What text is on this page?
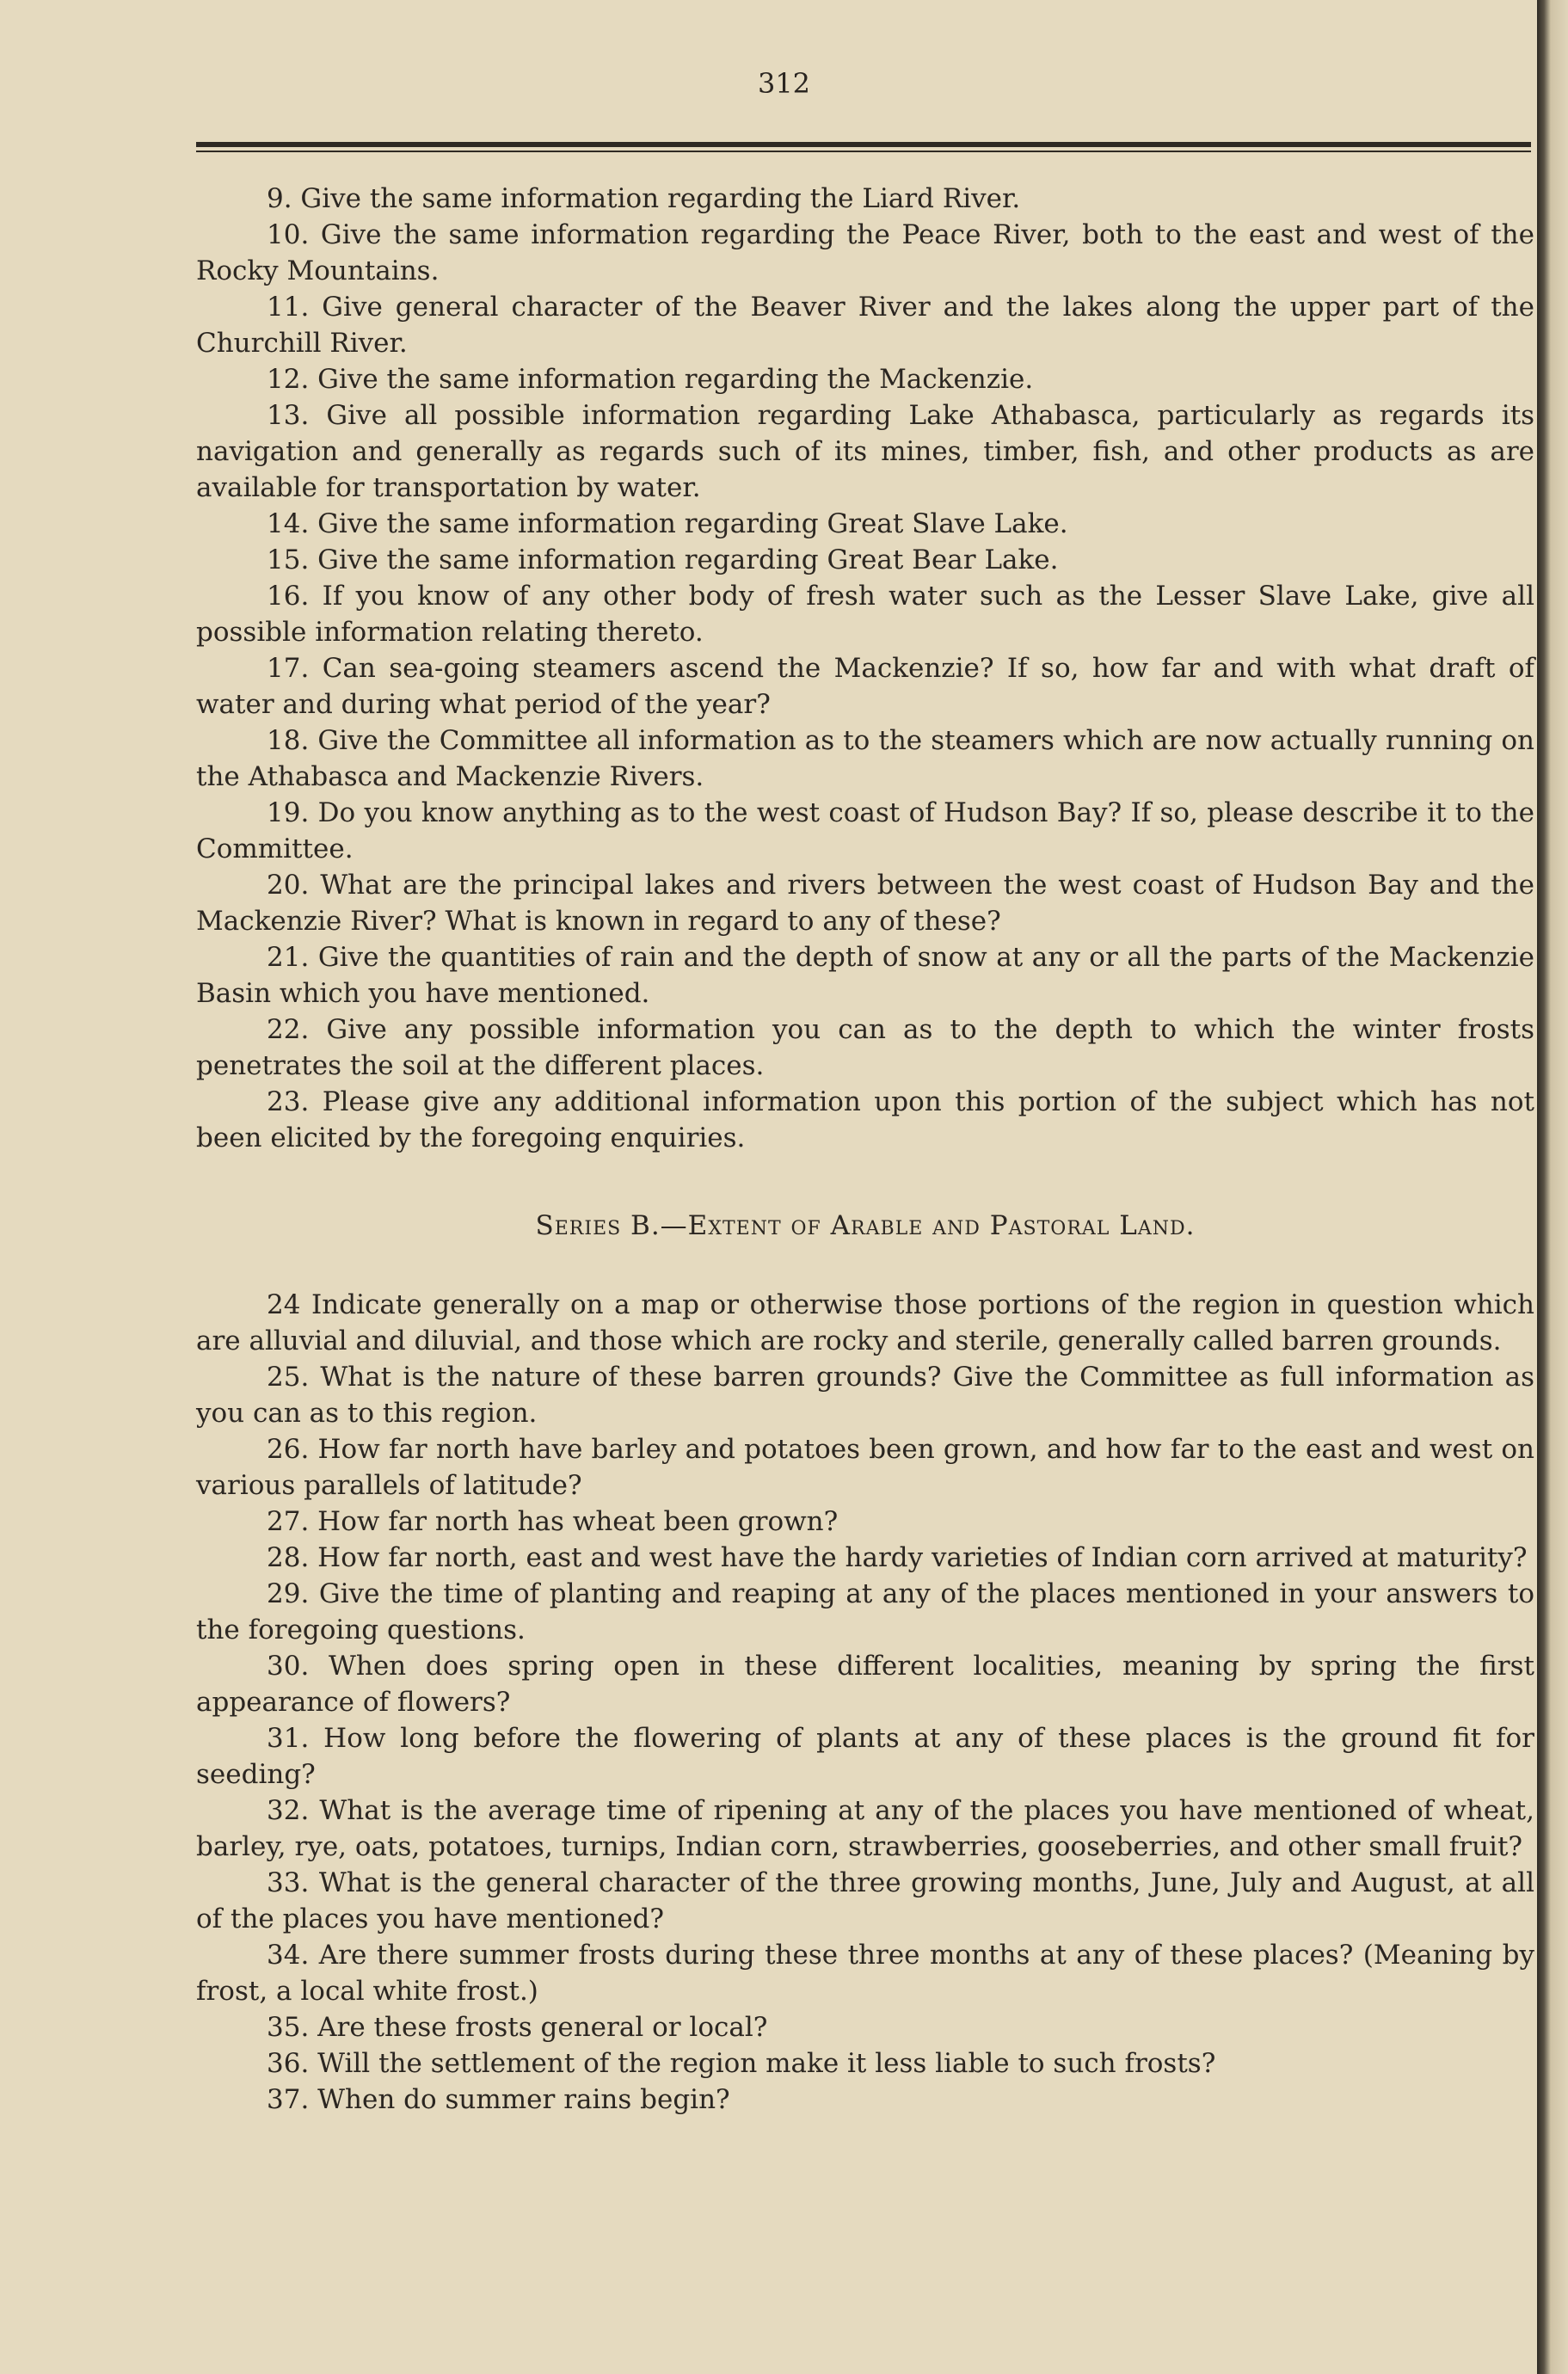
312

9. Give the same information regarding the Liard River.

10. Give the same information regarding the Peace River, both to the east and west of the Rocky Mountains.

11. Give general character of the Beaver River and the lakes along the upper part of the Churchill River.

12. Give the same information regarding the Mackenzie.

13. Give all possible information regarding Lake Athabasca, particularly as regards its navigation and generally as regards such of its mines, timber, fish, and other products as are available for transportation by water.

14. Give the same information regarding Great Slave Lake.

15. Give the same information regarding Great Bear Lake.

16. If you know of any other body of fresh water such as the Lesser Slave Lake, give all possible information relating thereto.

17. Can sea-going steamers ascend the Mackenzie? If so, how far and with what draft of water and during what period of the year?

18. Give the Committee all information as to the steamers which are now actually running on the Athabasca and Mackenzie Rivers.

19. Do you know anything as to the west coast of Hudson Bay? If so, please describe it to the Committee.

20. What are the principal lakes and rivers between the west coast of Hudson Bay and the Mackenzie River? What is known in regard to any of these?

21. Give the quantities of rain and the depth of snow at any or all the parts of the Mackenzie Basin which you have mentioned.

22. Give any possible information you can as to the depth to which the winter frosts penetrates the soil at the different places.

23. Please give any additional information upon this portion of the subject which has not been elicited by the foregoing enquiries.

Series B.—Extent of Arable and Pastoral Land.

24 Indicate generally on a map or otherwise those portions of the region in question which are alluvial and diluvial, and those which are rocky and sterile, generally called barren grounds.

25. What is the nature of these barren grounds? Give the Committee as full information as you can as to this region.

26. How far north have barley and potatoes been grown, and how far to the east and west on various parallels of latitude?

27. How far north has wheat been grown?

28. How far north, east and west have the hardy varieties of Indian corn arrived at maturity?

29. Give the time of planting and reaping at any of the places mentioned in your answers to the foregoing questions.

30. When does spring open in these different localities, meaning by spring the first appearance of flowers?

31. How long before the flowering of plants at any of these places is the ground fit for seeding?

32. What is the average time of ripening at any of the places you have mentioned of wheat, barley, rye, oats, potatoes, turnips, Indian corn, strawberries, gooseberries, and other small fruit?

33. What is the general character of the three growing months, June, July and August, at all of the places you have mentioned?

34. Are there summer frosts during these three months at any of these places? (Meaning by frost, a local white frost.)

35. Are these frosts general or local?

36. Will the settlement of the region make it less liable to such frosts?

37. When do summer rains begin?
